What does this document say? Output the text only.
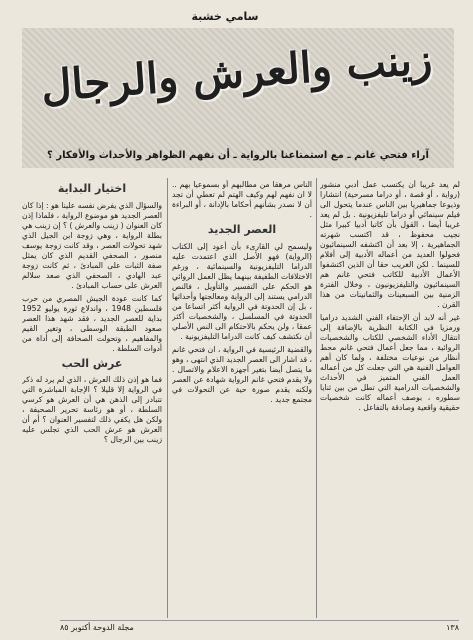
سامي خشبة
زينب والعرش والرجال
آراء فتحي غانم ـ مع استمتاعنا بالرواية ـ أن نفهم الظواهر والأحداث والأفكار ؟

لم يعد غريبا أن يكتسب عمل أدبي منشور (رواية ، أو قصة ، أو دراما مسرحية) انتشارا وذيوعا جماهيريا بين الناس عندما يتحول الى فيلم سينمائي أو دراما تليفزيونية . بل لم يعد غريبا أيضا ، القول بأن كاتبا أدبيا كبيرا مثل نجيب محفوظ ، قد اكتسب شهرته الجماهيرية ، إلا بعد أن اكتشفه السينمائيون فحولوا العديد من أعماله الأدبية إلى أفلام للسينما . لكن الغريب حقا أن الذين اكتشفوا الأعمال الأدبية للكاتب فتحي غانم هم السينمائيون والتليفزيونيون ، وخلال الفترة الزمنية بين السبعينات والثمانينات من هذا القرن .

غير أنه لابد أن الإحتفاء الفني الشديد دراميا ورمزيا في الكتابة النظرية بالإضافة إلى انتقال الأداء الشخصي للكتاب والشخصيات الروائية ، مما جعل أعمال فتحي غانم محط أنظار من نوعيات مختلفة ، ولما كان أهم العوامل الفنية هي التي جعلت كل من أعماله العمل الفني المتميز في الأحداث والشخصيات الدرامية التي تطل من بين ثنايا سطوره ، بوصف أعماله كانت شخصيات حقيقية واقعية وصادقة بالتفاعل .

الناس مرهقا من مطالبهم أو بسموعيا بهم .. لا ان نفهم لهم وكيف الهتم لم تعطي أن تجد أن لا نصدر بشأنهم أحكاما بالإدانة ، أو البراءة .

العصر الجديد

وليسمح لي القارىء بأن أعود إلى الكتاب (الرواية) فهو الأصل الذي اعتمدت عليه الدراما التليفزيونية والسينمائية ، ورغم الاختلافات الطفيفة بينهما يظل العمل الروائي هو الحكم على التفسير والتأويل ، فالنص الدرامي يستند إلى الرواية ومعالجتها وأحداثها ، بل إن الحدوتة في الرواية أكثر اتساعا من الحدوتة في المسلسل ، والشخصيات أكثر عمقا ، ولن يحكم بالاحتكام الى النص الأصلي أن نكتشف كيف كانت الدراما التليفزيونية .

والقضية الرئيسية في الرواية ، ان فتحي غانم ، قد اشار الى العصر الجديد الذي انتهى ، وهو ما يتصل أيضا بتغير أجهزة الاعلام والاتصال . ولا يقدم فتحي غانم الرواية شهادة عن العصر ولكنه يقدم صورة حية عن التحولات في مجتمع جديد .

اختيار البداية

والسؤال الذي يفرض نفسه علينا هو : إذا كان العصر الجديد هو موضوع الرواية ، فلماذا إذن كان العنوان ( زينب والعرش ) ؟ إن زينب هي بطلة الرواية ، وهي زوجة ابن الجيل الذي شهد تحولات العصر ، وقد كانت زوجة يوسف منصور ، الصحفي القديم الذي كان يمثل صفة الثبات على المبادئ ، ثم كانت زوجة عبد الهادي ، الصحفي الذي صعد سلالم العرش على حساب المبادئ .

كما كانت عودة الجيش المصري من حرب فلسطين 1948 ، واندلاع ثورة يوليو 1952 بداية للعصر الجديد ، فقد شهد هذا العصر صعود الطبقة الوسطى ، وتغير القيم والمفاهيم ، وتحولت الصحافة إلى أداة من أدوات السلطة .

عرش الحب

فما هو إذن ذلك العرش ، الذي لم يرد له ذكر في الرواية إلا قليلا ؟ الإجابة المباشرة التي تتبادر إلى الذهن هي أن العرش هو كرسي السلطة ، أو هو رئاسة تحرير الصحيفة ، ولكن هل يكفي ذلك لتفسير العنوان ؟ أم أن العرش هو عرش الحب الذي تجلس عليه زينب بين الرجال ؟

١٣٨
مجلة الدوحة أكتوبر ٨٥
